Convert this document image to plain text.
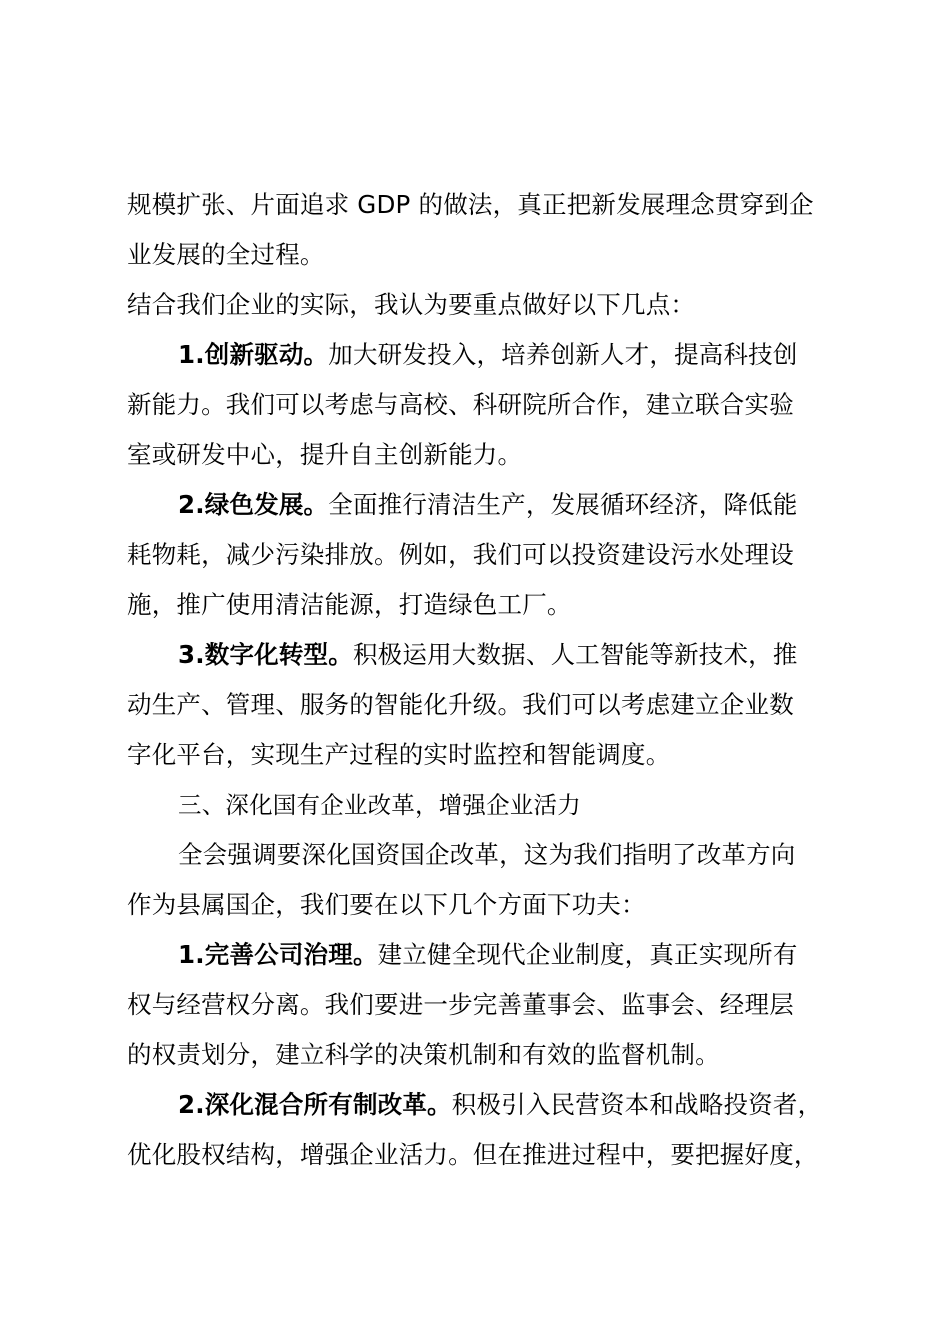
规模扩张、片面追求 GDP 的做法，真正把新发展理念贯穿到企
业发展的全过程。
结合我们企业的实际，我认为要重点做好以下几点：
1.创新驱动。加大研发投入，培养创新人才，提高科技创
新能力。我们可以考虑与高校、科研院所合作，建立联合实验
室或研发中心，提升自主创新能力。
2.绿色发展。全面推行清洁生产，发展循环经济，降低能
耗物耗，减少污染排放。例如，我们可以投资建设污水处理设
施，推广使用清洁能源，打造绿色工厂。
3.数字化转型。积极运用大数据、人工智能等新技术，推
动生产、管理、服务的智能化升级。我们可以考虑建立企业数
字化平台，实现生产过程的实时监控和智能调度。
三、深化国有企业改革，增强企业活力
全会强调要深化国资国企改革，这为我们指明了改革方向
作为县属国企，我们要在以下几个方面下功夫：
1.完善公司治理。建立健全现代企业制度，真正实现所有
权与经营权分离。我们要进一步完善董事会、监事会、经理层
的权责划分，建立科学的决策机制和有效的监督机制。
2.深化混合所有制改革。积极引入民营资本和战略投资者，
优化股权结构，增强企业活力。但在推进过程中，要把握好度，
